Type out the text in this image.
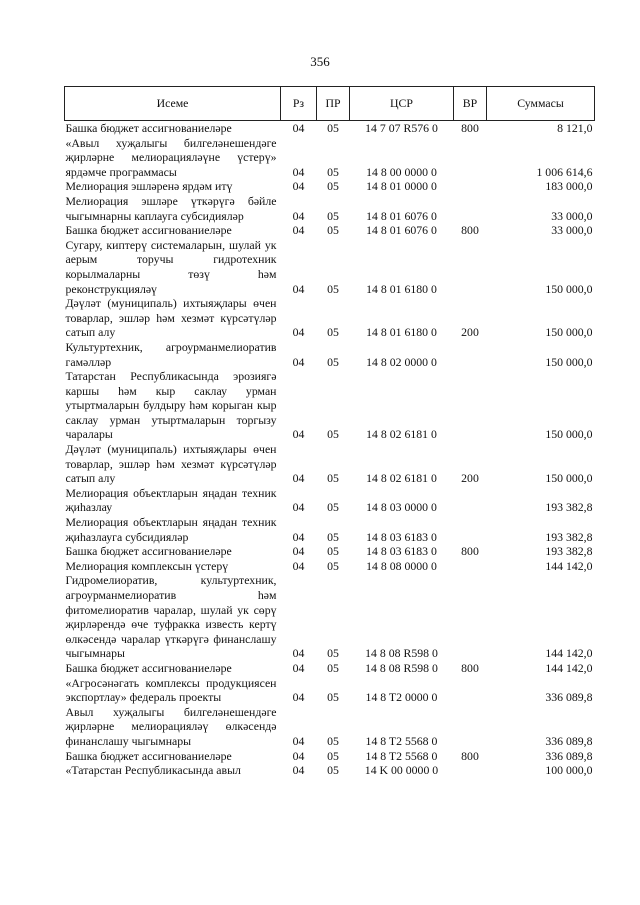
356
Исеме	Рз	ПР	ЦСР	ВР	Суммасы
Башка бюджет ассигнованиеләре	04	05	14 7 07 R576 0	800	8 121,0
«Авыл хуҗалыгы билгеләнешендәге җирләрне мелиорацияләүне үстерү» ярдәмче программасы	04	05	14 8 00 0000 0		1 006 614,6
Мелиорация эшләренә ярдәм итү	04	05	14 8 01 0000 0		183 000,0
Мелиорация эшләре үткәрүгә бәйле чыгымнарны каплауга субсидияләр	04	05	14 8 01 6076 0		33 000,0
Башка бюджет ассигнованиеләре	04	05	14 8 01 6076 0	800	33 000,0
Сугару, киптерү системаларын, шулай ук аерым торучы гидротехник корылмаларны төзү һәм реконструкцияләү	04	05	14 8 01 6180 0		150 000,0
Дәүләт (муниципаль) ихтыяҗлары өчен товарлар, эшләр һәм хезмәт күрсәтүләр сатып алу	04	05	14 8 01 6180 0	200	150 000,0
Культуртехник, агроурманмелиоратив гамәлләр	04	05	14 8 02 0000 0		150 000,0
Татарстан Республикасында эрозиягә каршы һәм кыр саклау урман утыртмаларын булдыру һәм корыган кыр саклау урман утыртмаларын торгызу чаралары	04	05	14 8 02 6181 0		150 000,0
Дәүләт (муниципаль) ихтыяҗлары өчен товарлар, эшләр һәм хезмәт күрсәтүләр сатып алу	04	05	14 8 02 6181 0	200	150 000,0
Мелиорация объектларын яңадан техник җиһазлау	04	05	14 8 03 0000 0		193 382,8
Мелиорация объектларын яңадан техник җиһазлауга субсидияләр	04	05	14 8 03 6183 0		193 382,8
Башка бюджет ассигнованиеләре	04	05	14 8 03 6183 0	800	193 382,8
Мелиорация комплексын үстерү	04	05	14 8 08 0000 0		144 142,0
Гидромелиоратив, культуртехник, агроурманмелиоратив һәм фитомелиоратив чаралар, шулай ук сөрү җирләрендә өче туфракка известь кертү өлкәсендә чаралар үткәрүгә финанслашу чыгымнары	04	05	14 8 08 R598 0		144 142,0
Башка бюджет ассигнованиеләре	04	05	14 8 08 R598 0	800	144 142,0
«Агросәнәгать комплексы продукциясен экспортлау» федераль проекты	04	05	14 8 T2 0000 0		336 089,8
Авыл хуҗалыгы билгеләнешендәге җирләрне мелиорацияләү өлкәсендә финанслашу чыгымнары	04	05	14 8 T2 5568 0		336 089,8
Башка бюджет ассигнованиеләре	04	05	14 8 T2 5568 0	800	336 089,8
«Татарстан Республикасында авыл	04	05	14 K 00 0000 0		100 000,0
